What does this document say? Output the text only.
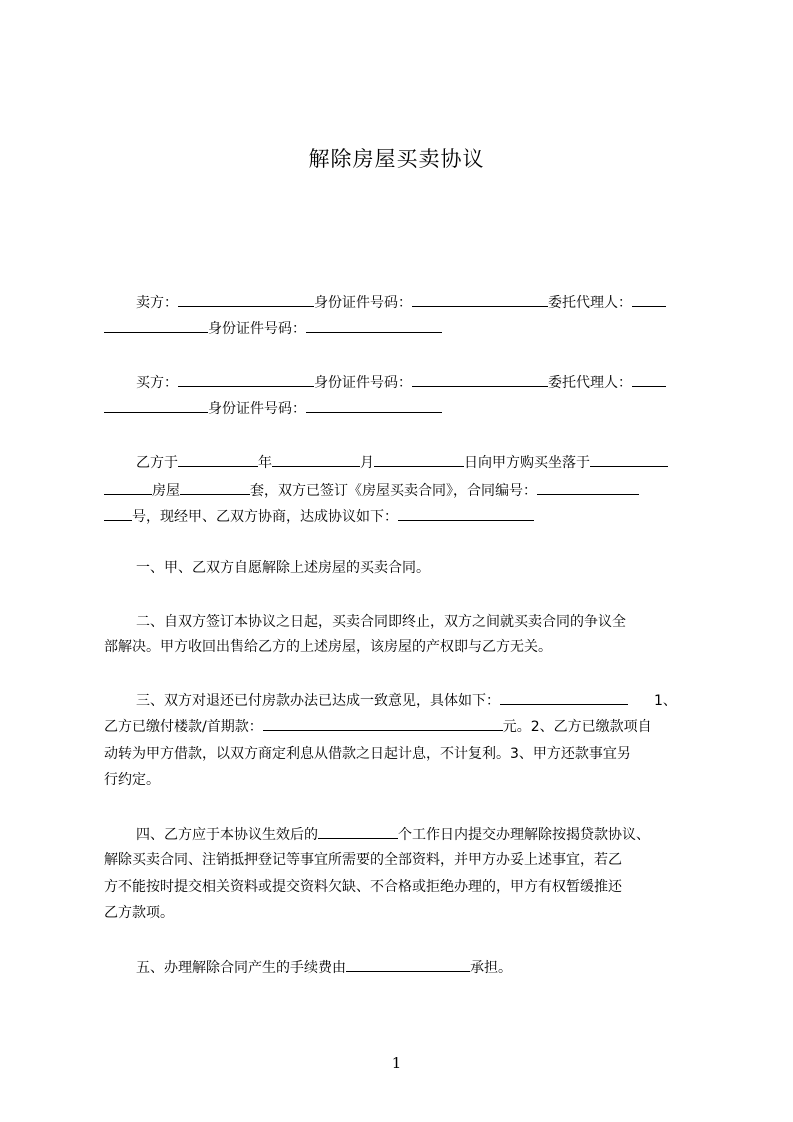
解除房屋买卖协议
卖方：	身份证件号码：	委托代理人：
身份证件号码：
买方：	身份证件号码：	委托代理人：
身份证件号码：
乙方于	年	月	日向甲方购买坐落于
房屋	套，双方已签订《房屋买卖合同》，合同编号：
号，现经甲、乙双方协商，达成协议如下：
一、甲、乙双方自愿解除上述房屋的买卖合同。
二、自双方签订本协议之日起，买卖合同即终止，双方之间就买卖合同的争议全
部解决。甲方收回出售给乙方的上述房屋，该房屋的产权即与乙方无关。
三、双方对退还已付房款办法已达成一致意见，具体如下：	1、
乙方已缴付楼款/首期款：	元。2、乙方已缴款项自
动转为甲方借款，以双方商定利息从借款之日起计息，不计复利。3、甲方还款事宜另
行约定。
四、乙方应于本协议生效后的	个工作日内提交办理解除按揭贷款协议、
解除买卖合同、注销抵押登记等事宜所需要的全部资料，并甲方办妥上述事宜，若乙
方不能按时提交相关资料或提交资料欠缺、不合格或拒绝办理的，甲方有权暂缓推还
乙方款项。
五、办理解除合同产生的手续费由	承担。
1
